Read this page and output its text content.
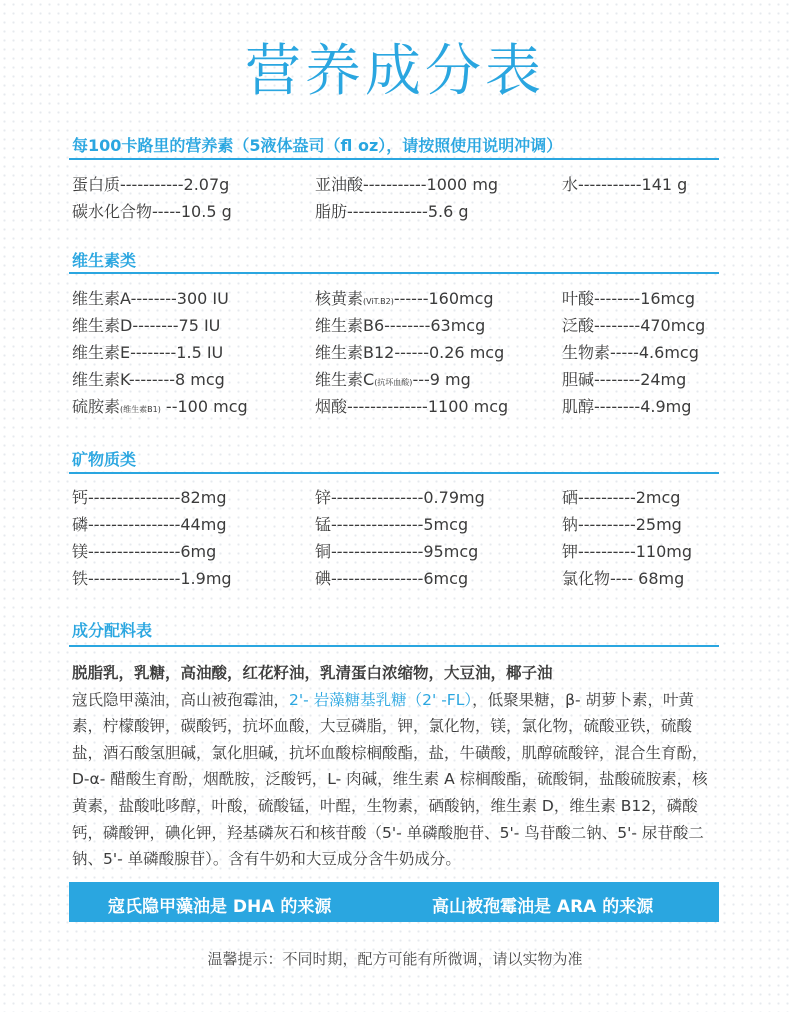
营养成分表
每100卡路里的营养素（5液体盎司（fl oz），请按照使用说明冲调）
蛋白质-----------2.07g	亚油酸-----------1000 mg	水-----------141 g
碳水化合物-----10.5 g	脂肪--------------5.6 g
维生素类
维生素A--------300 IU	核黄素(ViT.B2)------160mcg	叶酸--------16mcg
维生素D--------75 IU	维生素B6--------63mcg	泛酸--------470mcg
维生素E--------1.5 IU	维生素B12------0.26 mcg	生物素-----4.6mcg
维生素K--------8 mcg	维生素C(抗坏血酸)---9 mg	胆碱--------24mg
硫胺素(维生素B1) --100 mcg	烟酸--------------1100 mcg	肌醇--------4.9mg
矿物质类
钙----------------82mg	锌----------------0.79mg	硒----------2mcg
磷----------------44mg	锰----------------5mcg	钠----------25mg
镁----------------6mg	铜----------------95mcg	钾----------110mg
铁----------------1.9mg	碘----------------6mcg	氯化物---- 68mg
成分配料表
脱脂乳，乳糖，高油酸，红花籽油，乳清蛋白浓缩物，大豆油，椰子油
寇氏隐甲藻油，高山被孢霉油，2'- 岩藻糖基乳糖（2' -FL），低聚果糖，β- 胡萝卜素，叶黄素，柠檬酸钾，碳酸钙，抗坏血酸，大豆磷脂，钾，氯化物，镁，氯化物，硫酸亚铁，硫酸盐，酒石酸氢胆碱，氯化胆碱，抗坏血酸棕榈酸酯，盐，牛磺酸，肌醇硫酸锌，混合生育酚，D-α- 醋酸生育酚，烟酰胺，泛酸钙，L- 肉碱，维生素 A 棕榈酸酯，硫酸铜，盐酸硫胺素，核黄素，盐酸吡哆醇，叶酸，硫酸锰，叶酲，生物素，硒酸钠，维生素 D，维生素 B12，磷酸钙，磷酸钾，碘化钾，羟基磷灰石和核苷酸（5'- 单磷酸胞苷、5'- 鸟苷酸二钠、5'- 尿苷酸二钠、5'- 单磷酸腺苷）。含有牛奶和大豆成分含牛奶成分。
寇氏隐甲藻油是 DHA 的来源	高山被孢霉油是 ARA 的来源
温馨提示：不同时期，配方可能有所微调，请以实物为准
